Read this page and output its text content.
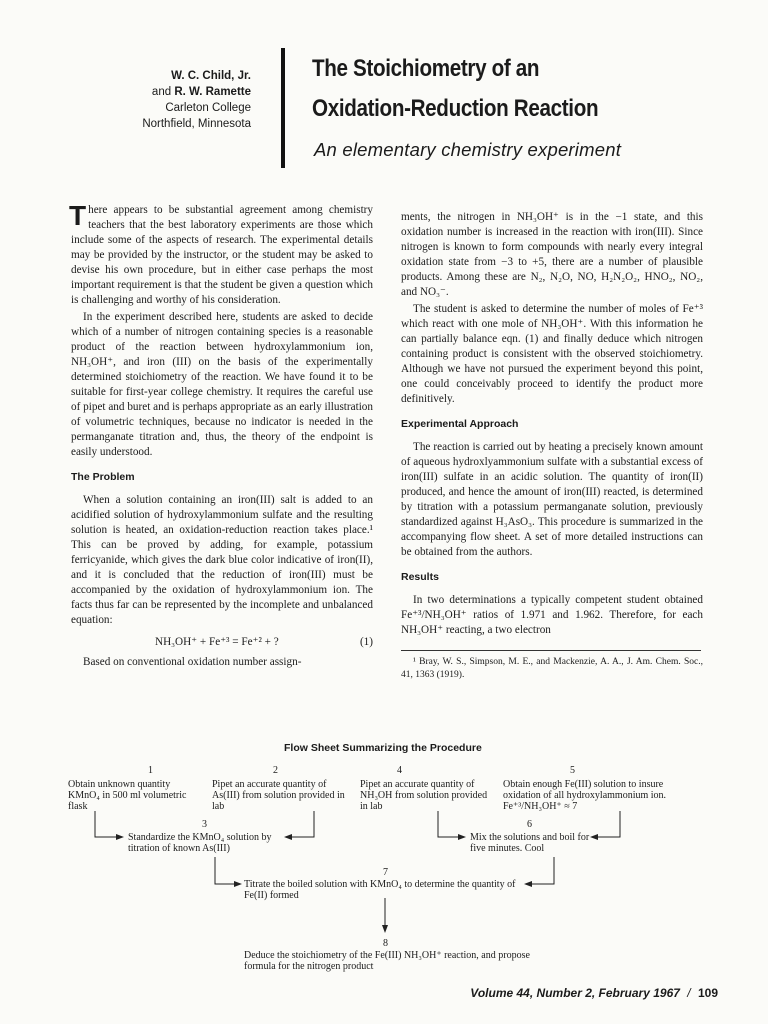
W. C. Child, Jr.
and R. W. Ramette
Carleton College
Northfield, Minnesota
The Stoichiometry of an
Oxidation-Reduction Reaction
An elementary chemistry experiment

There appears to be substantial agreement among chemistry teachers that the best laboratory experiments are those which include some of the aspects of research. The experimental details may be provided by the instructor, or the student may be asked to devise his own procedure, but in either case perhaps the most important requirement is that the student be given a question which is challenging and worthy of his consideration.

In the experiment described here, students are asked to decide which of a number of nitrogen containing species is a reasonable product of the reaction between hydroxylammonium ion, NH₃OH⁺, and iron (III) on the basis of the experimentally determined stoichiometry of the reaction. We have found it to be suitable for first-year college chemistry. It requires the careful use of pipet and buret and is perhaps appropriate as an early illustration of volumetric techniques, because no indicator is needed in the permanganate titration and, thus, the theory of the endpoint is easily understood.

The Problem

When a solution containing an iron(III) salt is added to an acidified solution of hydroxylammonium sulfate and the resulting solution is heated, an oxidation-reduction reaction takes place.¹ This can be proved by adding, for example, potassium ferricyanide, which gives the dark blue color indicative of iron(II), and it is concluded that the reduction of iron(III) must be accompanied by the oxidation of hydroxylammonium ion. The facts thus far can be represented by the incomplete and unbalanced equation:

NH₃OH⁺ + Fe⁺³ = Fe⁺² + ?	(1)

Based on conventional oxidation number assign-

ments, the nitrogen in NH₃OH⁺ is in the −1 state, and this oxidation number is increased in the reaction with iron(III). Since nitrogen is known to form compounds with nearly every integral oxidation state from −3 to +5, there are a number of plausible products. Among these are N₂, N₂O, NO, H₂N₂O₂, HNO₂, NO₂, and NO₃⁻.

The student is asked to determine the number of moles of Fe⁺³ which react with one mole of NH₃OH⁺. With this information he can partially balance eqn. (1) and finally deduce which nitrogen containing product is consistent with the observed stoichiometry. Although we have not pursued the experiment beyond this point, one could conceivably proceed to identify the product more definitively.

Experimental Approach

The reaction is carried out by heating a precisely known amount of aqueous hydroxlyammonium sulfate with a substantial excess of iron(III) sulfate in an acidic solution. The quantity of iron(II) produced, and hence the amount of iron(III) reacted, is determined by titration with a potassium permanganate solution, previously standardized against H₃AsO₃. This procedure is summarized in the accompanying flow sheet. A set of more detailed instructions can be obtained from the authors.

Results

In two determinations a typically competent student obtained Fe⁺³/NH₃OH⁺ ratios of 1.971 and 1.962. Therefore, for each NH₃OH⁺ reacting, a two electron

¹ Bray, W. S., Simpson, M. E., and Mackenzie, A. A., J. Am. Chem. Soc., 41, 1363 (1919).
Flow Sheet Summarizing the Procedure
1	2	4	5
Obtain unknown quantity KMnO₄ in 500 ml volumetric flask
Pipet an accurate quantity of As(III) from solution provided in lab
Pipet an accurate quantity of NH₃OH from solution provided in lab
Obtain enough Fe(III) solution to insure oxidation of all hydroxylammonium ion. Fe⁺³/NH₃OH⁺ ≈ 7
3
Standardize the KMnO₄ solution by titration of known As(III)
6
Mix the solutions and boil for five minutes. Cool
7
Titrate the boiled solution with KMnO₄ to determine the quantity of Fe(II) formed
8
Deduce the stoichiometry of the Fe(III) NH₃OH⁺ reaction, and propose formula for the nitrogen product
Volume 44, Number 2, February 1967 / 109
